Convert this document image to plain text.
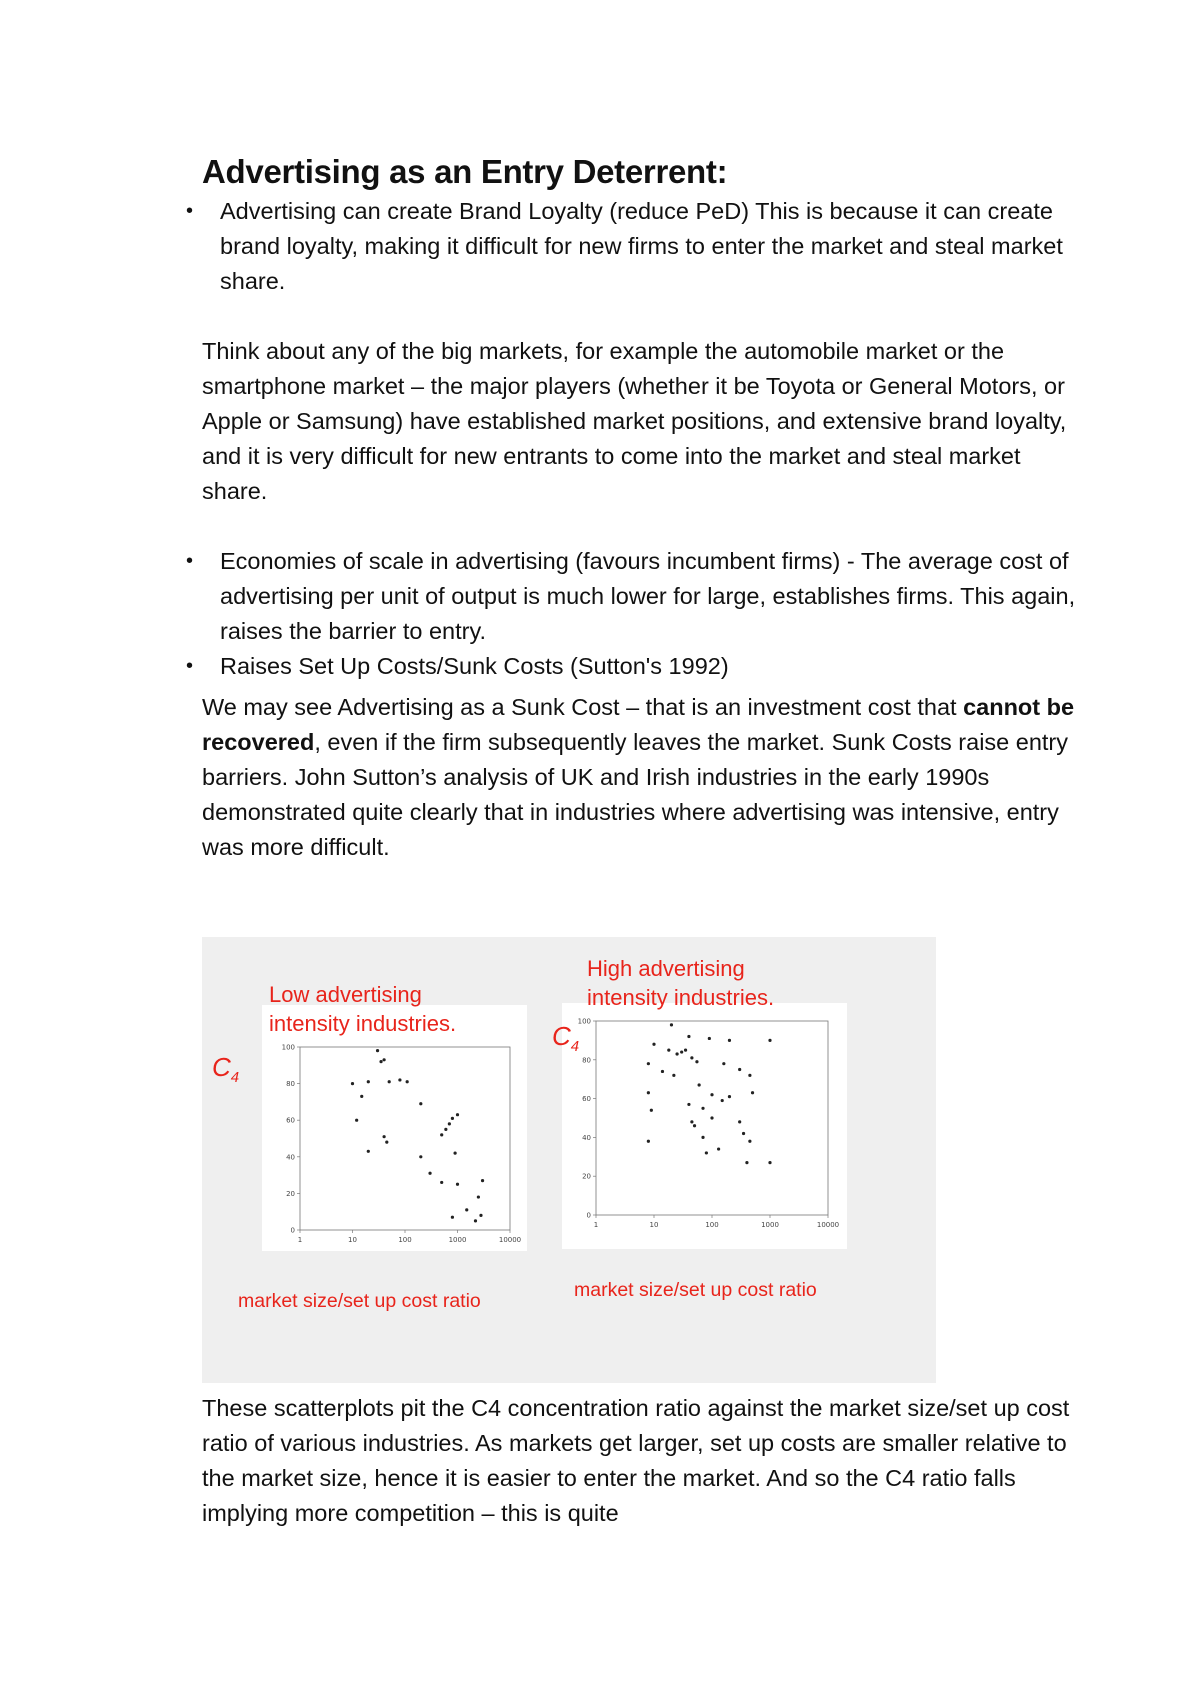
Advertising as an Entry Deterrent:
• Advertising can create Brand Loyalty (reduce PeD) This is because it can create brand loyalty, making it difficult for new firms to enter the market and steal market share.

Think about any of the big markets, for example the automobile market or the smartphone market – the major players (whether it be Toyota or General Motors, or Apple or Samsung) have established market positions, and extensive brand loyalty, and it is very difficult for new entrants to come into the market and steal market share.

• Economies of scale in advertising (favours incumbent firms) - The average cost of advertising per unit of output is much lower for large, establishes firms. This again, raises the barrier to entry.
• Raises Set Up Costs/Sunk Costs (Sutton's 1992)

We may see Advertising as a Sunk Cost – that is an investment cost that cannot be recovered, even if the firm subsequently leaves the market. Sunk Costs raise entry barriers. John Sutton’s analysis of UK and Irish industries in the early 1990s demonstrated quite clearly that in industries where advertising was intensive, entry was more difficult.

1	10	100	1000	10000
0
20
40
60
80
100
Low advertising
intensity industries.
$C_4$
market size/set up cost ratio
1	10	100	1000	10000
0
20
40
60
80
100
High advertising
intensity industries.
$C_4$
market size/set up cost ratio

These scatterplots pit the C4 concentration ratio against the market size/set up cost ratio of various industries. As markets get larger, set up costs are smaller relative to the market size, hence it is easier to enter the market. And so the C4 ratio falls implying more competition – this is quite
